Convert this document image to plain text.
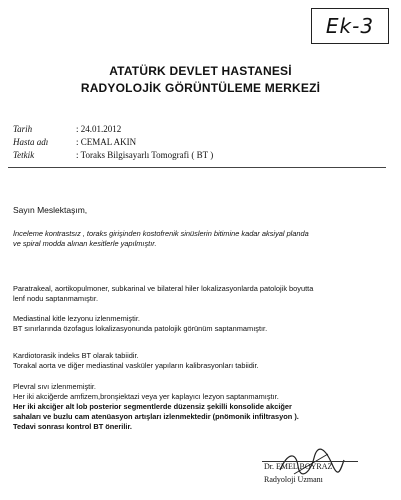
Ek-3
ATATÜRK DEVLET HASTANESİ
RADYOLOJİK GÖRÜNTÜLEME MERKEZİ
Tarih	: 24.01.2012
Hasta adı	: CEMAL AKIN
Tetkik	: Toraks Bilgisayarlı Tomografi ( BT )
Sayın Meslektaşım,
İnceleme kontrastsız , toraks girişinden kostofrenik sinüslerin bitimine kadar aksiyal planda
ve spiral modda alınan kesitlerle yapılmıştır.
Paratrakeal, aortikopulmoner, subkarinal ve bilateral hiler lokalizasyonlarda patolojik boyutta
lenf nodu saptanmamıştır.
Mediastinal kitle lezyonu izlenmemiştir.
BT sınırlarında özofagus lokalizasyonunda patolojik görünüm saptanmamıştır.
Kardiotorasik indeks BT olarak tabiidir.
Torakal aorta ve diğer mediastinal vasküler yapıların kalibrasyonları tabiidir.
Plevral sıvı izlenmemiştir.
Her iki akciğerde amfizem,bronşiektazi veya yer kaplayıcı lezyon saptanmamıştır.
Her iki akciğer alt lob posterior segmentlerde düzensiz şekilli konsolide akciğer
sahaları ve buzlu cam atenüasyon artışları izlenmektedir (pnömonik infiltrasyon ).
Tedavi sonrası kontrol BT önerilir.
Dr. EMEL BOYRAZ
Radyoloji Uzmanı
